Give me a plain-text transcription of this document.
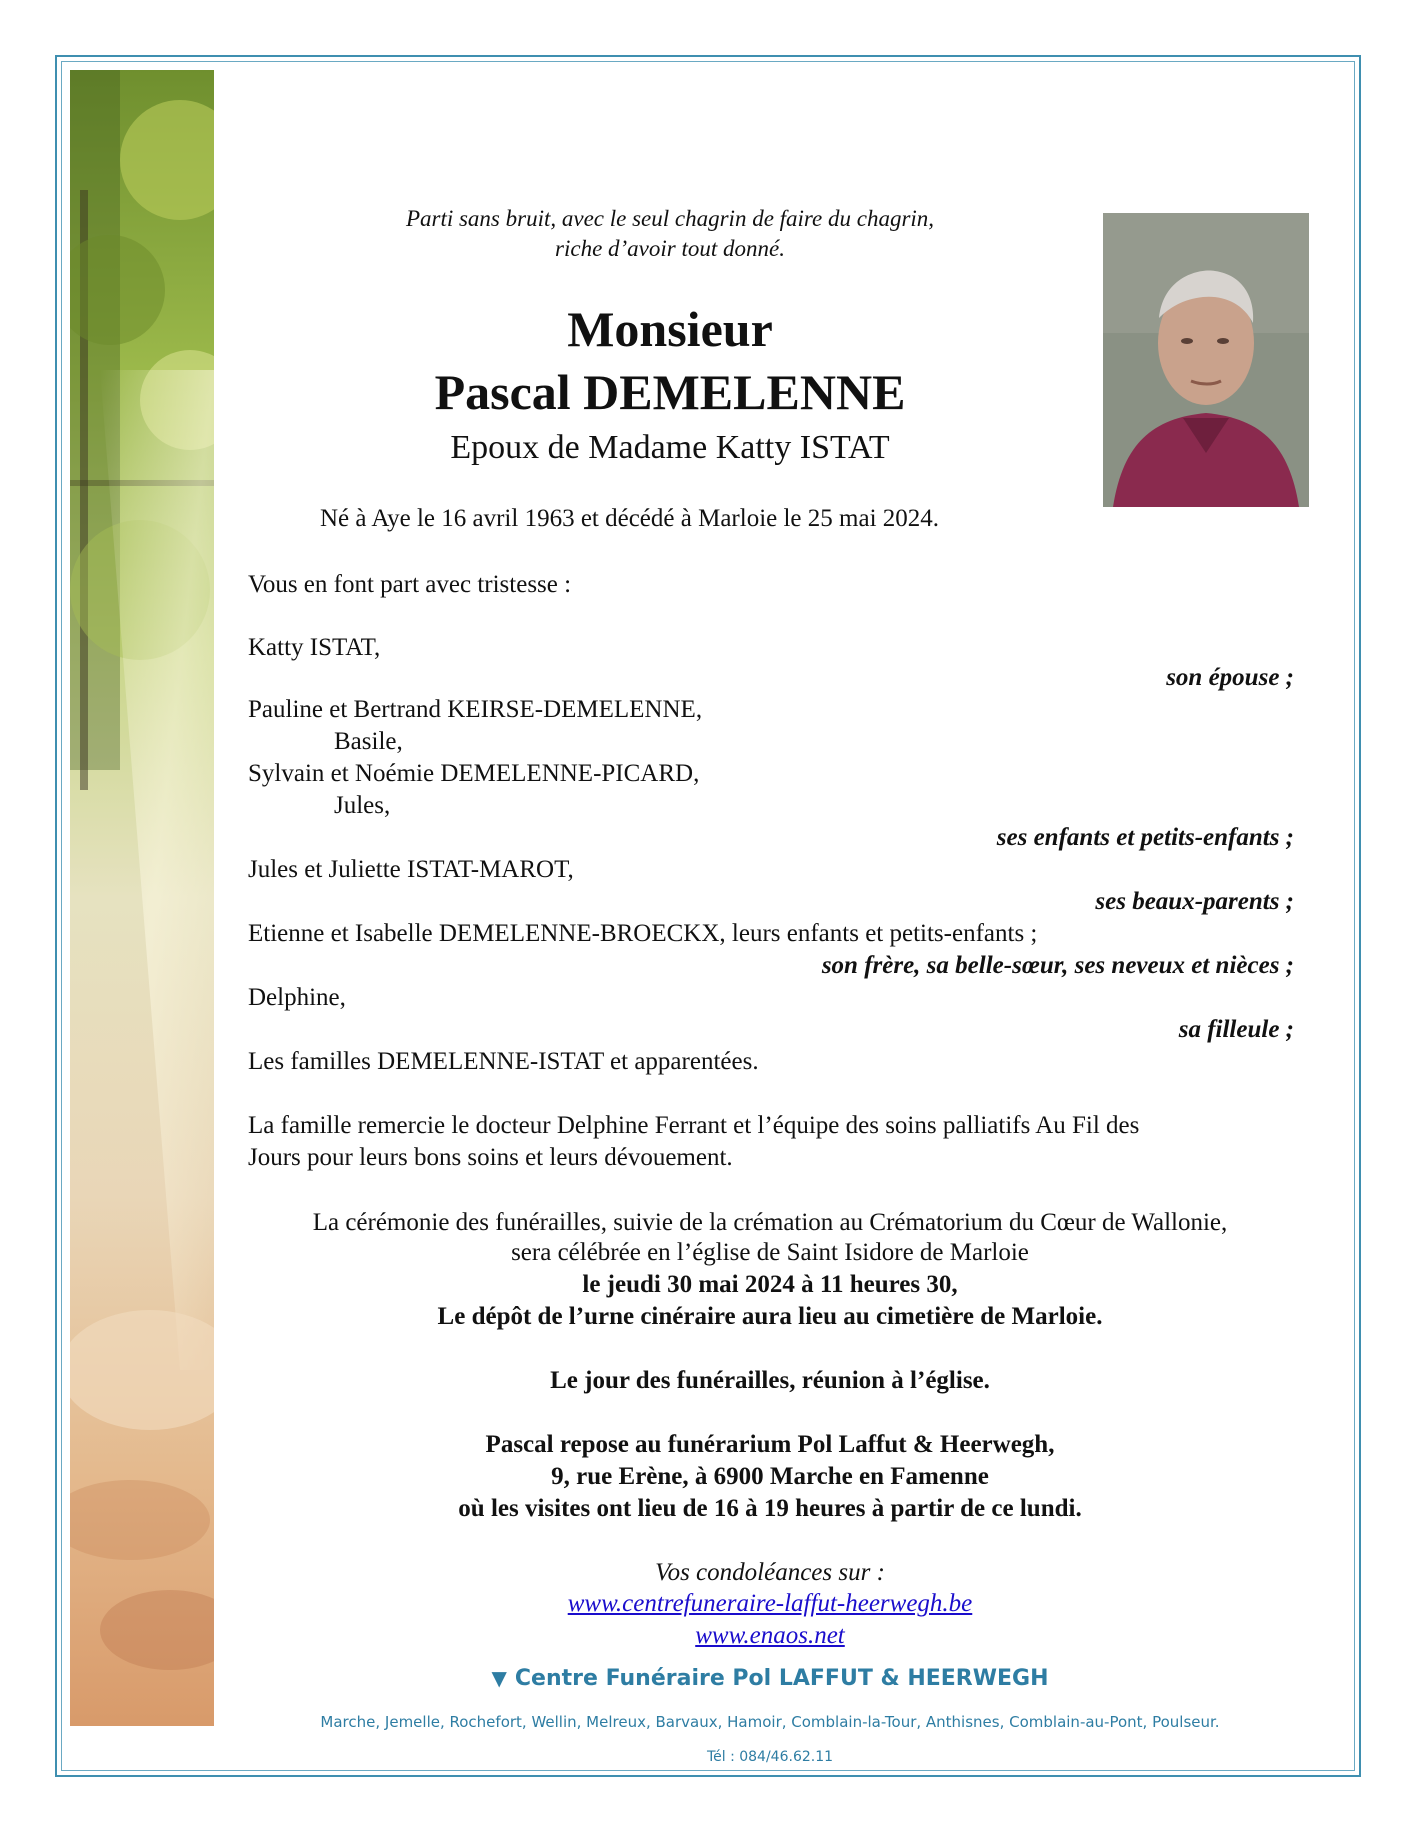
Parti sans bruit, avec le seul chagrin de faire du chagrin,
riche d’avoir tout donné.
Monsieur
Pascal DEMELENNE
Epoux de Madame Katty ISTAT
Né à Aye le 16 avril 1963 et décédé à Marloie le 25 mai 2024.
Vous en font part avec tristesse :
Katty ISTAT,
son épouse ;
Pauline et Bertrand KEIRSE-DEMELENNE,
Basile,
Sylvain et Noémie DEMELENNE-PICARD,
Jules,
ses enfants et petits-enfants ;
Jules et Juliette ISTAT-MAROT,
ses beaux-parents ;
Etienne et Isabelle DEMELENNE-BROECKX, leurs enfants et petits-enfants ;
son frère, sa belle-sœur, ses neveux et nièces ;
Delphine,
sa filleule ;
Les familles DEMELENNE-ISTAT et apparentées.
La famille remercie le docteur Delphine Ferrant et l’équipe des soins palliatifs Au Fil des
Jours pour leurs bons soins et leurs dévouement.
La cérémonie des funérailles, suivie de la crémation au Crématorium du Cœur de Wallonie,
sera célébrée en l’église de Saint Isidore de Marloie
le jeudi 30 mai 2024 à 11 heures 30,
Le dépôt de l’urne cinéraire aura lieu au cimetière de Marloie.
Le jour des funérailles, réunion à l’église.
Pascal repose au funérarium Pol Laffut & Heerwegh,
9, rue Erène, à 6900 Marche en Famenne
où les visites ont lieu de 16 à 19 heures à partir de ce lundi.
Vos condoléances sur :
www.centrefuneraire-laffut-heerwegh.be
www.enaos.net
▼ Centre Funéraire Pol LAFFUT & HEERWEGH
Marche, Jemelle, Rochefort, Wellin, Melreux, Barvaux, Hamoir, Comblain-la-Tour, Anthisnes, Comblain-au-Pont, Poulseur.
Tél : 084/46.62.11
